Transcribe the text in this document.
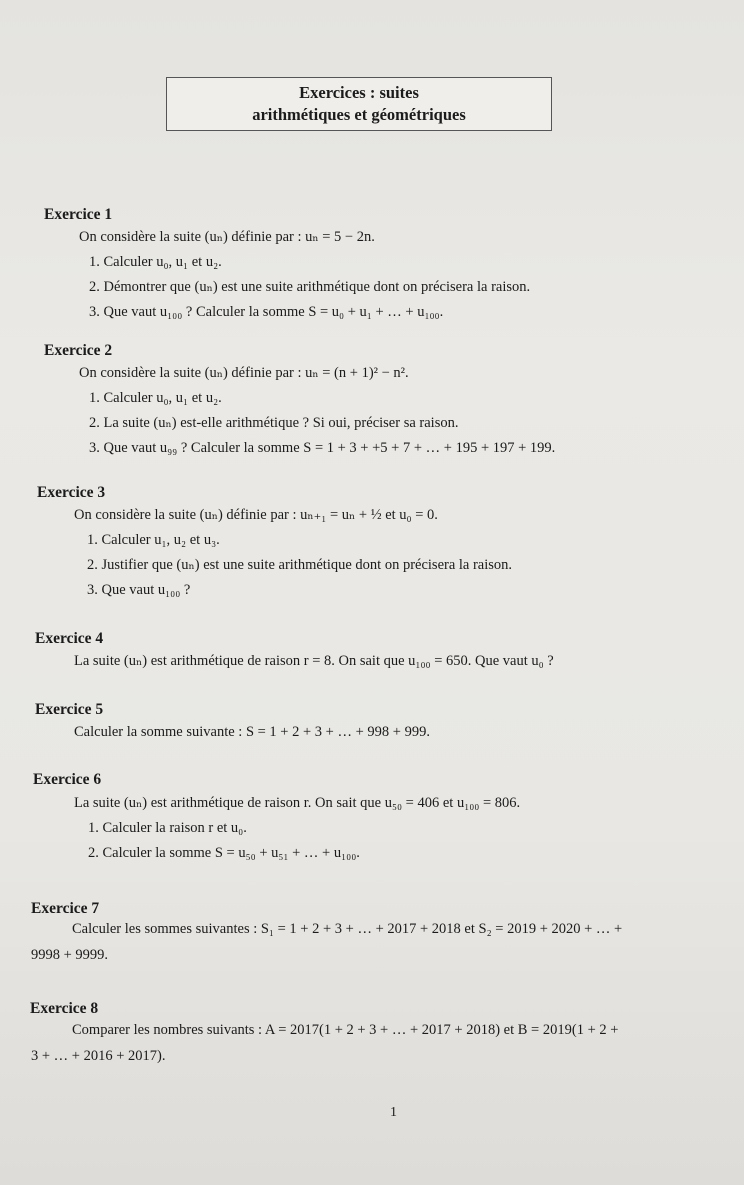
Exercices : suites
arithmétiques et géométriques
Exercice 1
On considère la suite (uₙ) définie par : uₙ = 5 − 2n.
1. Calculer u₀, u₁ et u₂.
2. Démontrer que (uₙ) est une suite arithmétique dont on précisera la raison.
3. Que vaut u₁₀₀ ? Calculer la somme S = u₀ + u₁ + … + u₁₀₀.
Exercice 2
On considère la suite (uₙ) définie par : uₙ = (n + 1)² − n².
1. Calculer u₀, u₁ et u₂.
2. La suite (uₙ) est-elle arithmétique ? Si oui, préciser sa raison.
3. Que vaut u₉₉ ? Calculer la somme S = 1 + 3 + +5 + 7 + … + 195 + 197 + 199.
Exercice 3
On considère la suite (uₙ) définie par : uₙ₊₁ = uₙ + ½ et u₀ = 0.
1. Calculer u₁, u₂ et u₃.
2. Justifier que (uₙ) est une suite arithmétique dont on précisera la raison.
3. Que vaut u₁₀₀ ?
Exercice 4
La suite (uₙ) est arithmétique de raison r = 8. On sait que u₁₀₀ = 650. Que vaut u₀ ?
Exercice 5
Calculer la somme suivante : S = 1 + 2 + 3 + … + 998 + 999.
Exercice 6
La suite (uₙ) est arithmétique de raison r. On sait que u₅₀ = 406 et u₁₀₀ = 806.
1. Calculer la raison r et u₀.
2. Calculer la somme S = u₅₀ + u₅₁ + … + u₁₀₀.
Exercice 7
Calculer les sommes suivantes : S₁ = 1 + 2 + 3 + … + 2017 + 2018 et S₂ = 2019 + 2020 + … +
9998 + 9999.
Exercice 8
Comparer les nombres suivants : A = 2017(1 + 2 + 3 + … + 2017 + 2018) et B = 2019(1 + 2 +
3 + … + 2016 + 2017).
1
